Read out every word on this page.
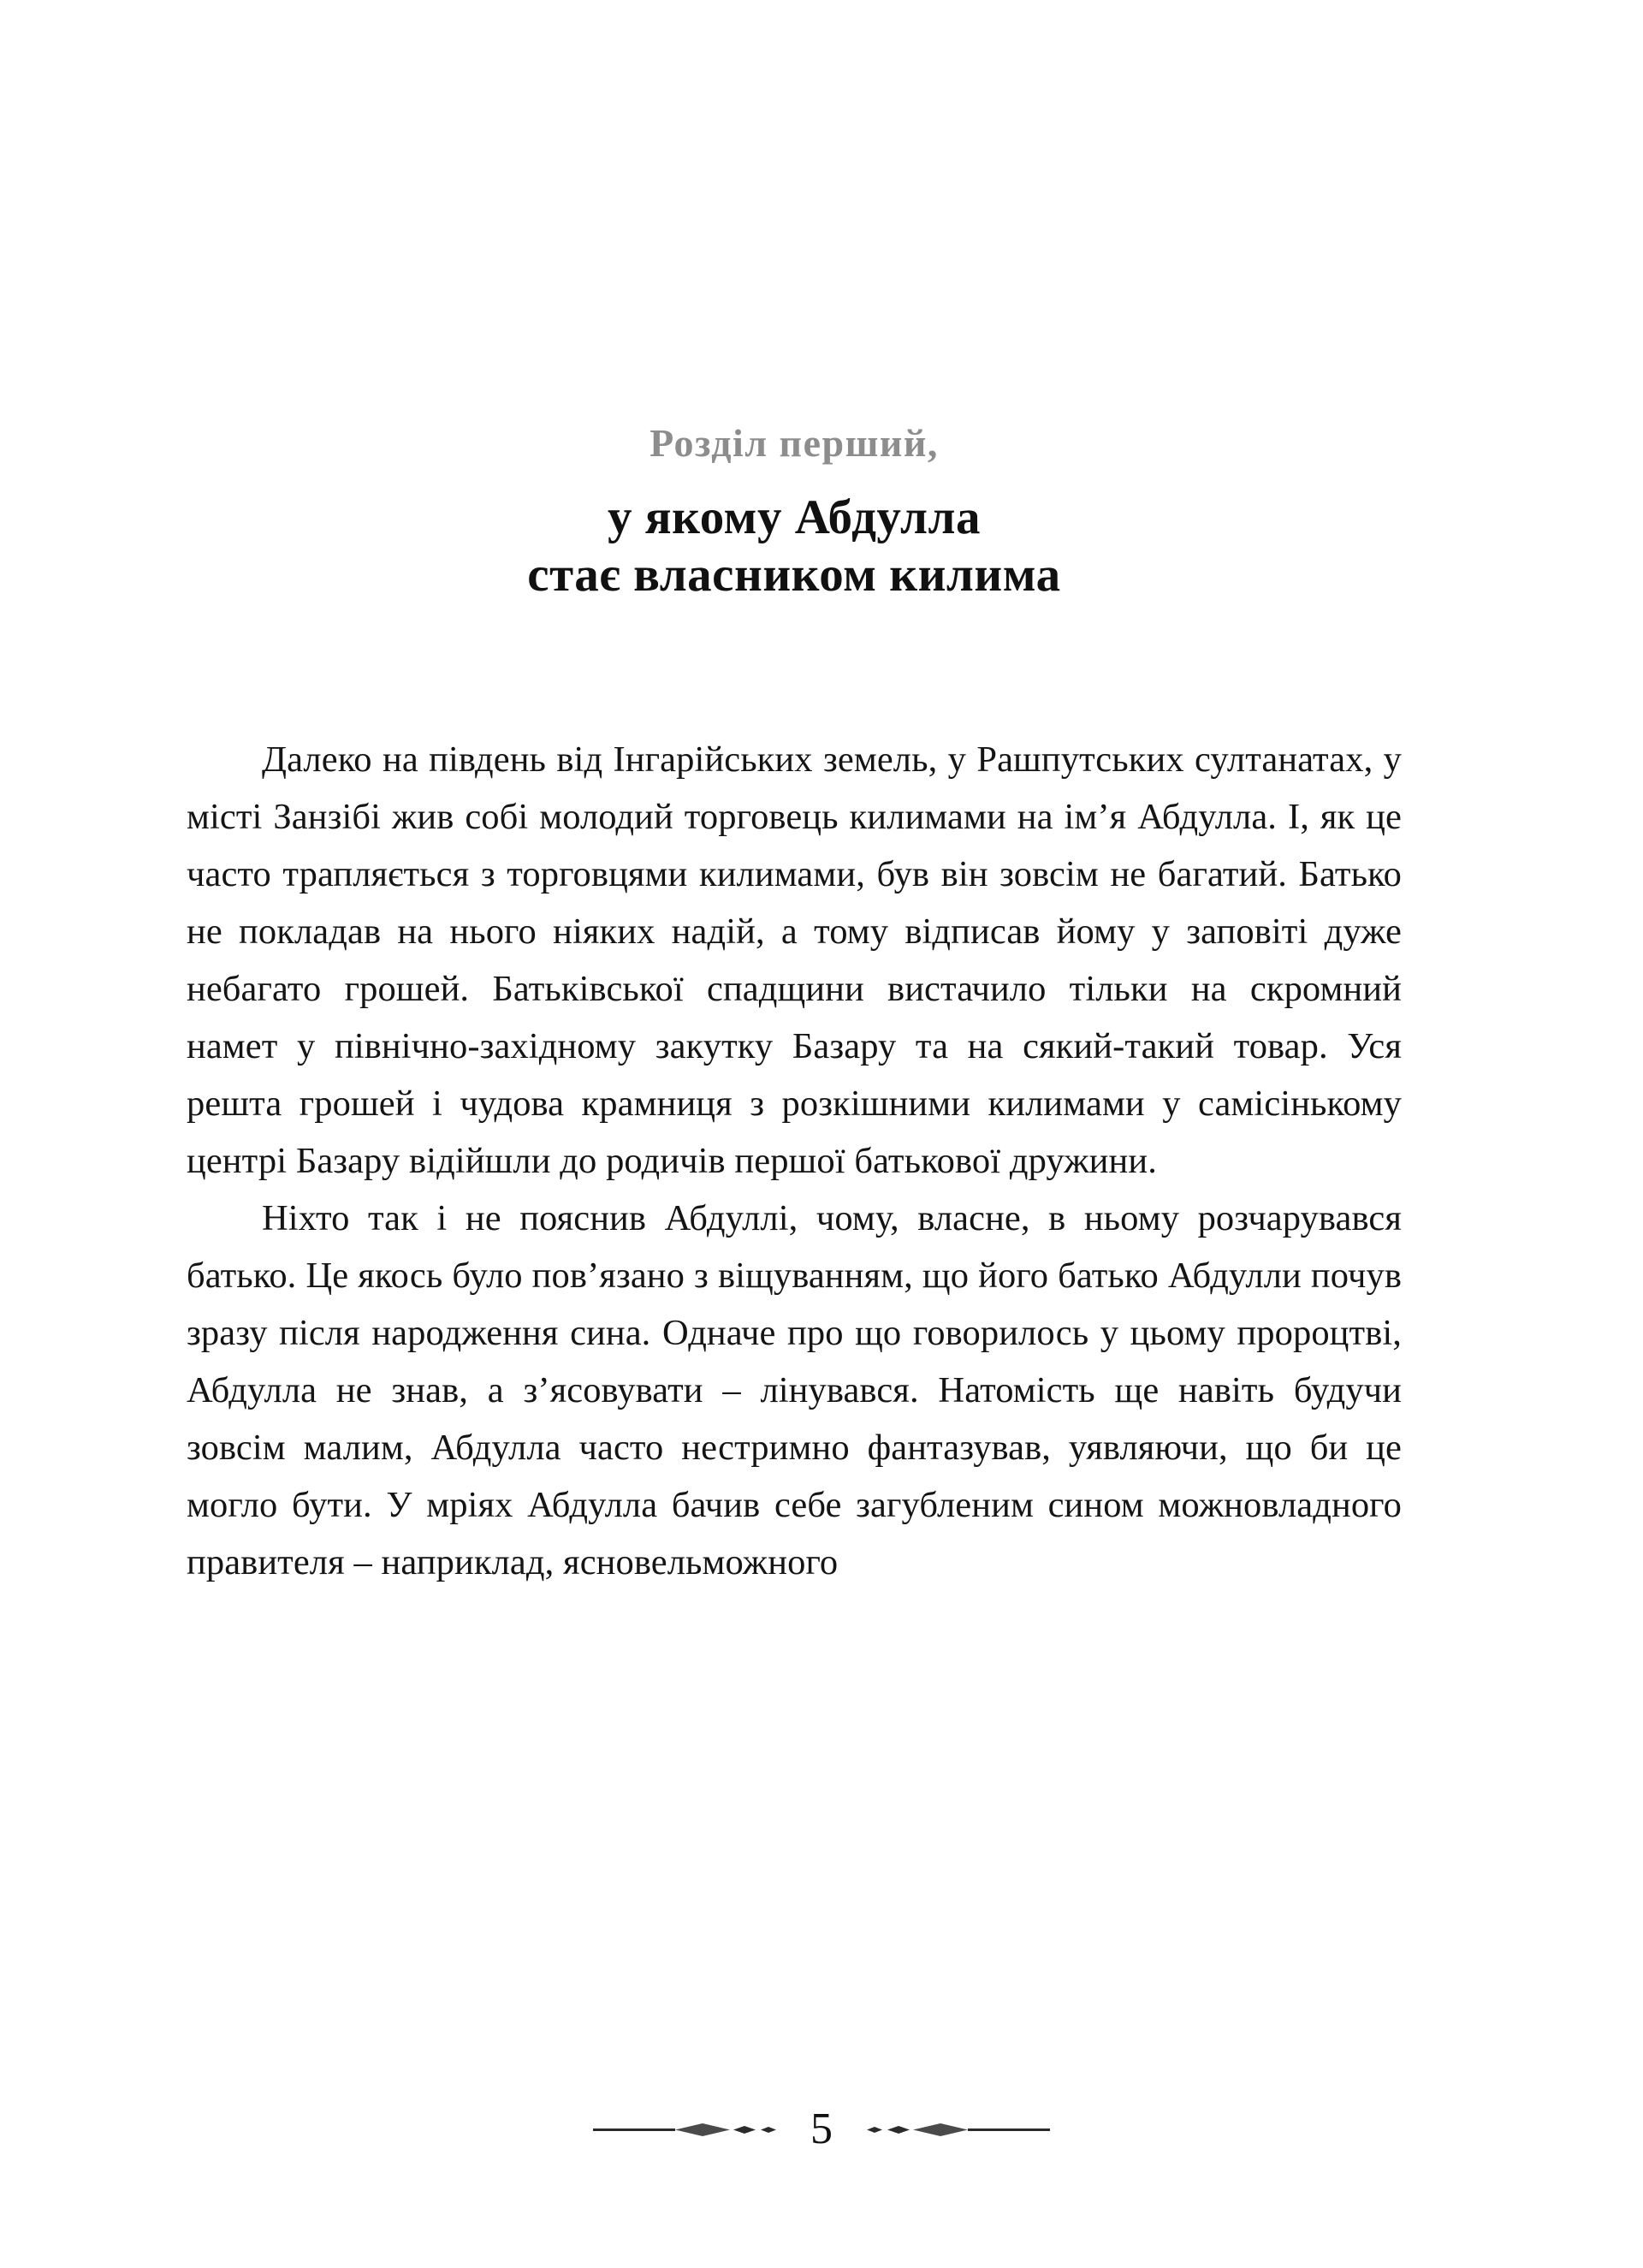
Розділ перший,
у якому Абдулла
стає власником килима

Далеко на південь від Інгарійських земель, у Рашпутських султанатах, у місті Занзібі жив собі молодий торговець килимами на ім’я Абдулла. І, як це часто трапляється з торговцями килимами, був він зовсім не багатий. Батько не покладав на нього ніяких надій, а тому відписав йому у заповіті дуже небагато грошей. Батьківської спадщини вистачило тільки на скромний намет у північно-західному закутку Базару та на сякий-такий товар. Уся решта грошей і чудова крамниця з розкішними килимами у самісінькому центрі Базару відійшли до родичів першої батькової дружини.

Ніхто так і не пояснив Абдуллі, чому, власне, в ньому розчарувався батько. Це якось було пов’язано з віщуванням, що його батько Абдулли почув зразу після народження сина. Одначе про що говорилось у цьому пророцтві, Абдулла не знав, а з’ясовувати – лінувався. Натомість ще навіть будучи зовсім малим, Абдулла часто нестримно фантазував, уявляючи, що би це могло бути. У мріях Абдулла бачив себе загубленим сином можновладного правителя – наприклад, ясновельможного

5
